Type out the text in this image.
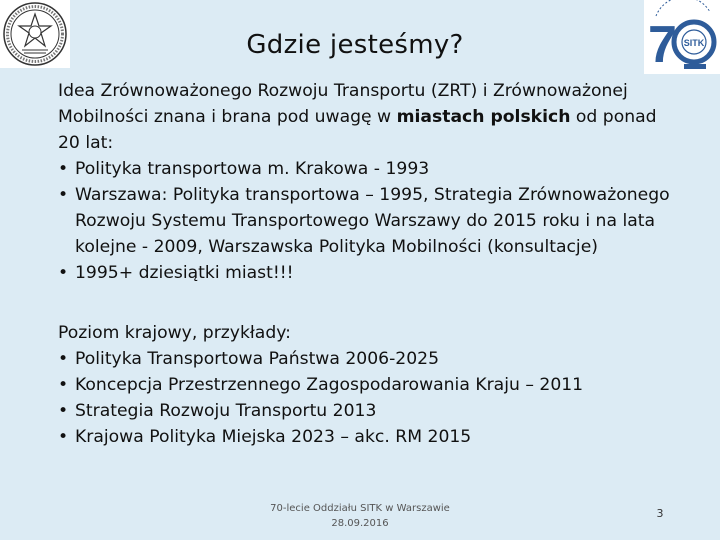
7 SITK
Gdzie jesteśmy?

Idea Zrównoważonego Rozwoju Transportu (ZRT) i Zrównoważonej Mobilności znana i brana pod uwagę w miastach polskich od ponad 20 lat:

• Polityka transportowa m. Krakowa - 1993
• Warszawa: Polityka transportowa – 1995, Strategia Zrównoważonego Rozwoju Systemu Transportowego Warszawy do 2015 roku i na lata kolejne - 2009, Warszawska Polityka Mobilności (konsultacje)
• 1995+ dziesiątki miast!!!

Poziom krajowy, przykłady:

• Polityka Transportowa Państwa 2006-2025
• Koncepcja Przestrzennego Zagospodarowania Kraju – 2011
• Strategia Rozwoju Transportu 2013
• Krajowa Polityka Miejska 2023 – akc. RM 2015
70-lecie Oddziału SITK w Warszawie
28.09.2016
3
